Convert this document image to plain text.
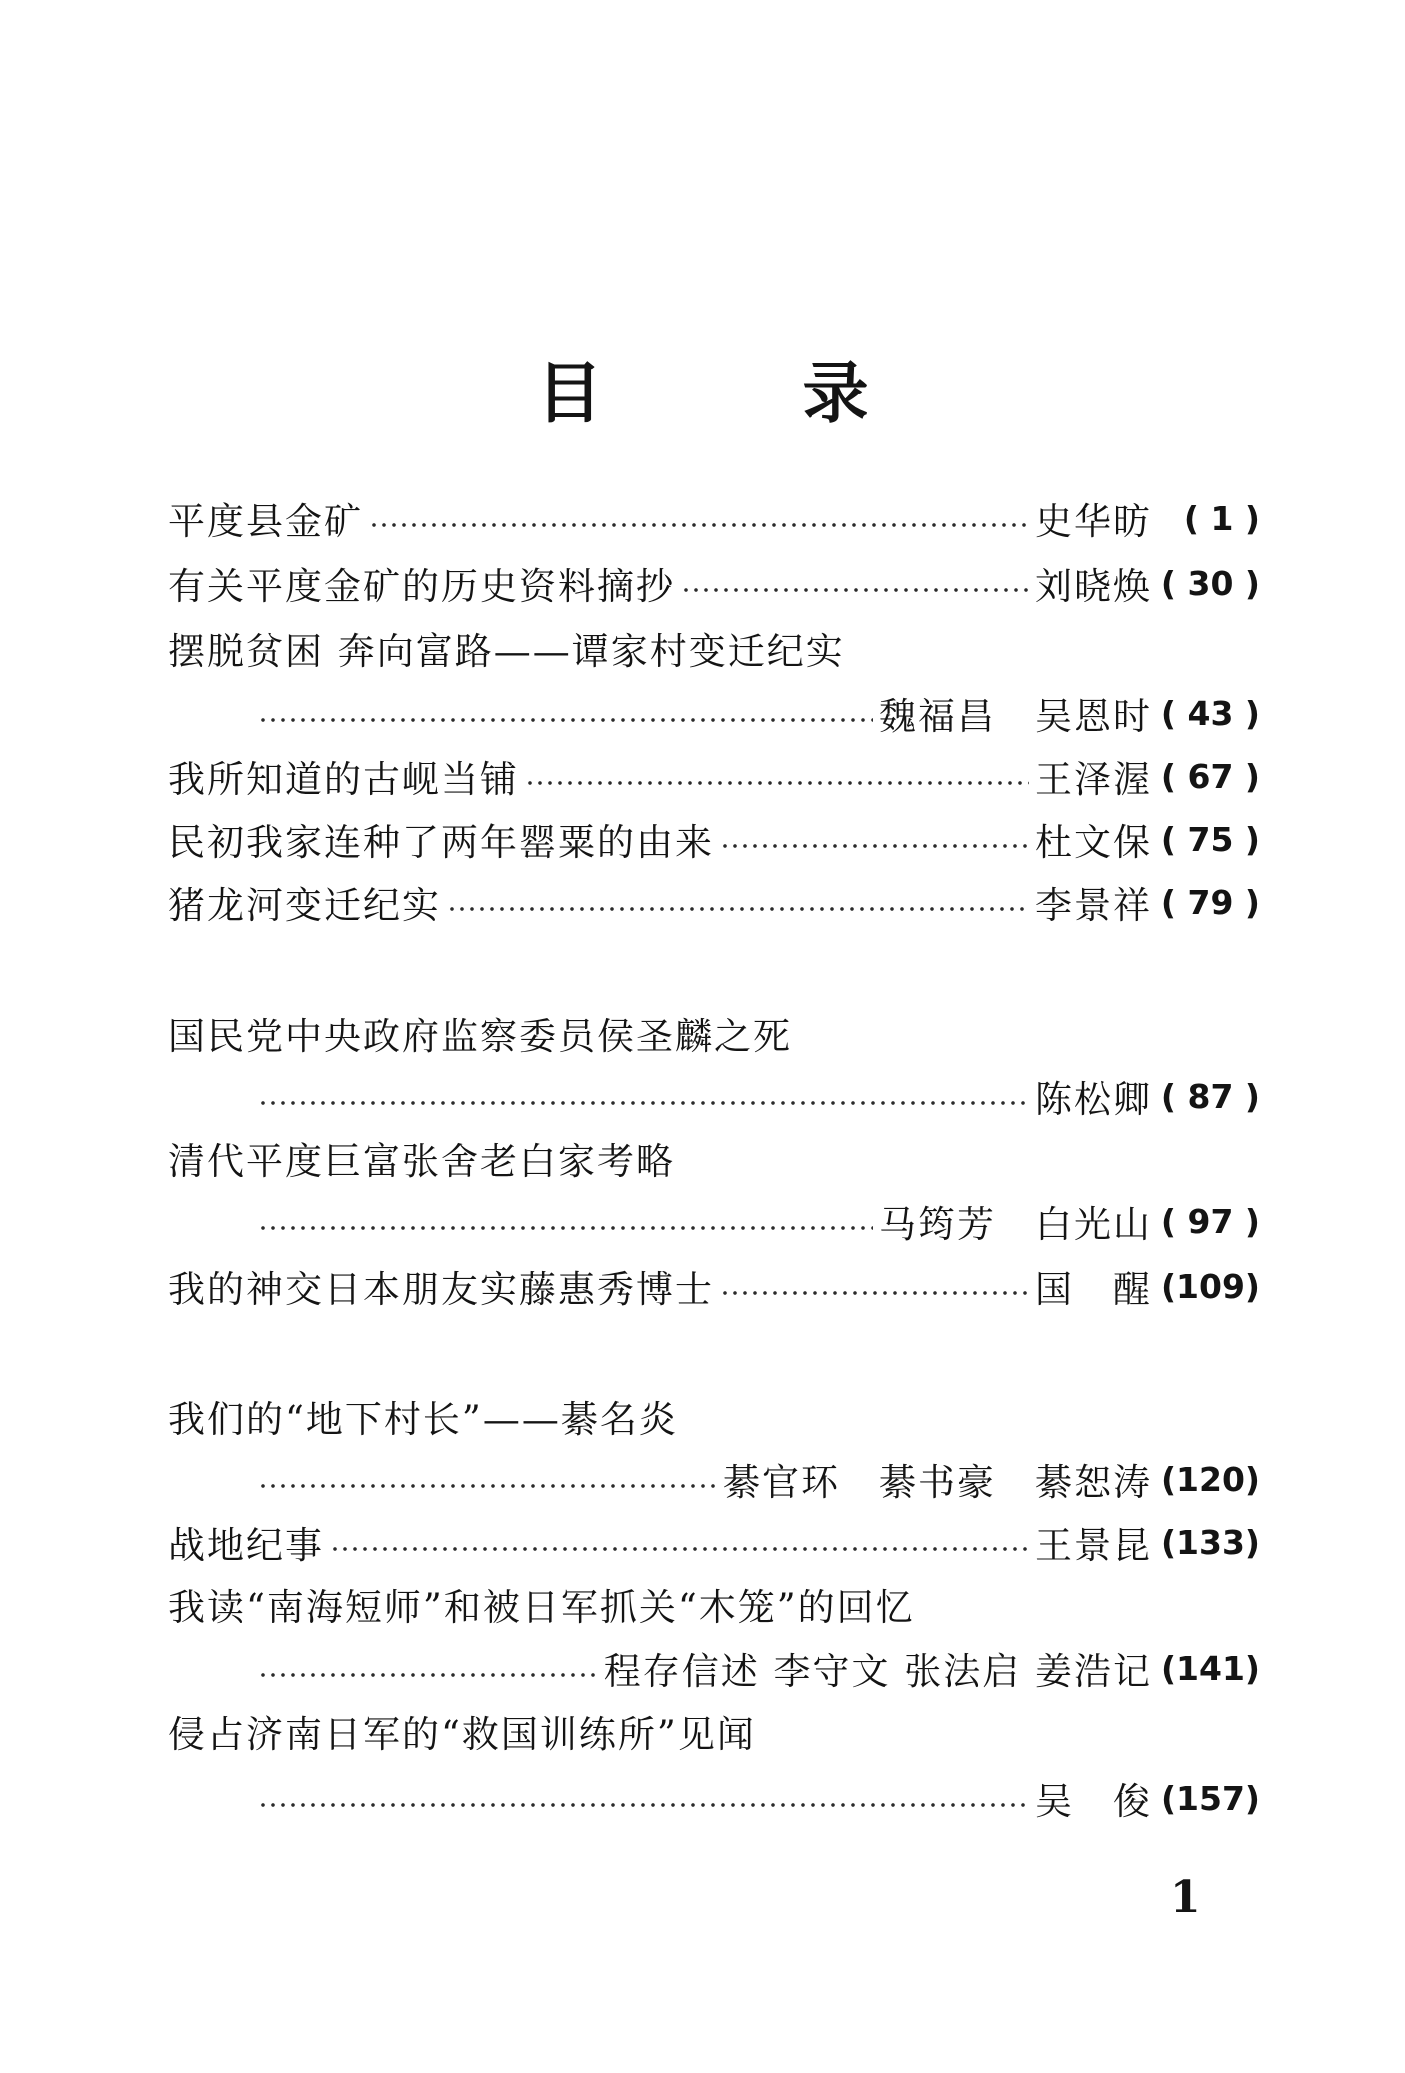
目	录
平度县金矿	史华昉 ( 1 )
有关平度金矿的历史资料摘抄	刘晓焕 ( 30 )
摆脱贫困 奔向富路——谭家村变迁纪实
魏福昌　吴恩时 ( 43 )
我所知道的古岘当铺	王泽渥 ( 67 )
民初我家连种了两年罂粟的由来	杜文保 ( 75 )
猪龙河变迁纪实	李景祥 ( 79 )
国民党中央政府监察委员侯圣麟之死
陈松卿 ( 87 )
清代平度巨富张舍老白家考略
马筠芳　白光山 ( 97 )
我的神交日本朋友实藤惠秀博士	国　醒 (109)
我们的“地下村长”——綦名炎
綦官环　綦书豪　綦恕涛 (120)
战地纪事	王景昆 (133)
我读“南海短师”和被日军抓关“木笼”的回忆
程存信述 李守文 张法启 姜浩记 (141)
侵占济南日军的“救国训练所”见闻
吴　俊 (157)
1
